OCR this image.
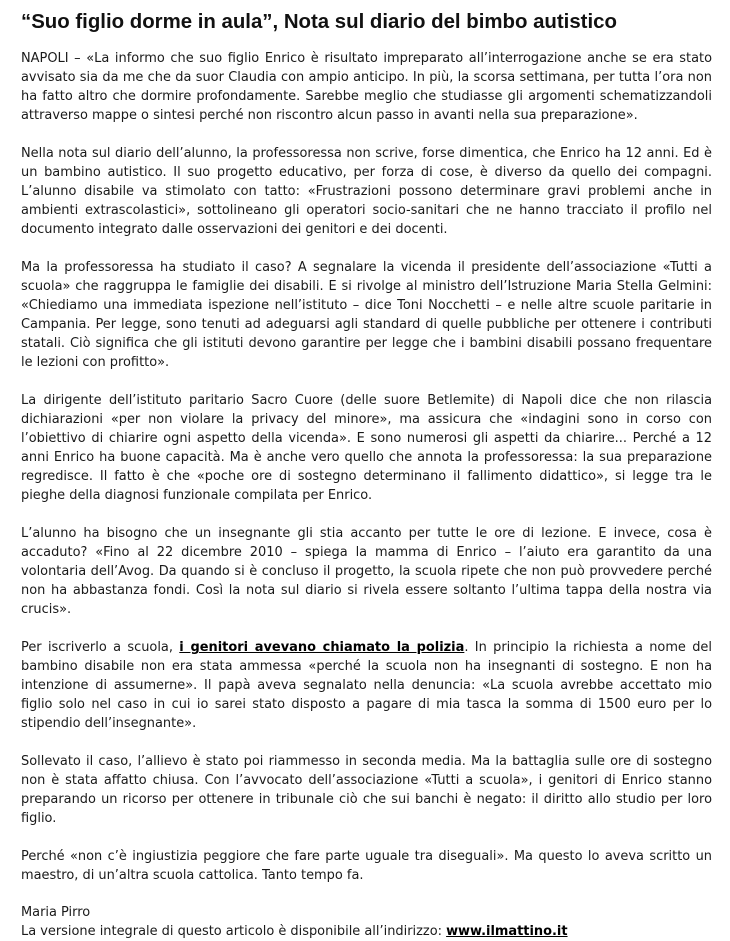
“Suo figlio dorme in aula”, Nota sul diario del bimbo autistico

NAPOLI – «La informo che suo figlio Enrico è risultato impreparato all’interrogazione anche se era stato avvisato sia da me che da suor Claudia con ampio anticipo. In più, la scorsa settimana, per tutta l’ora non ha fatto altro che dormire profondamente. Sarebbe meglio che studiasse gli argomenti schematizzandoli attraverso mappe o sintesi perché non riscontro alcun passo in avanti nella sua preparazione».

Nella nota sul diario dell’alunno, la professoressa non scrive, forse dimentica, che Enrico ha 12 anni. Ed è un bambino autistico. Il suo progetto educativo, per forza di cose, è diverso da quello dei compagni. L’alunno disabile va stimolato con tatto: «Frustrazioni possono determinare gravi problemi anche in ambienti extrascolastici», sottolineano gli operatori socio-sanitari che ne hanno tracciato il profilo nel documento integrato dalle osservazioni dei genitori e dei docenti.

Ma la professoressa ha studiato il caso? A segnalare la vicenda il presidente dell’associazione «Tutti a scuola» che raggruppa le famiglie dei disabili. E si rivolge al ministro dell’Istruzione Maria Stella Gelmini: «Chiediamo una immediata ispezione nell’istituto – dice Toni Nocchetti – e nelle altre scuole paritarie in Campania. Per legge, sono tenuti ad adeguarsi agli standard di quelle pubbliche per ottenere i contributi statali. Ciò significa che gli istituti devono garantire per legge che i bambini disabili possano frequentare le lezioni con profitto».

La dirigente dell’istituto paritario Sacro Cuore (delle suore Betlemite) di Napoli dice che non rilascia dichiarazioni «per non violare la privacy del minore», ma assicura che «indagini sono in corso con l’obiettivo di chiarire ogni aspetto della vicenda». E sono numerosi gli aspetti da chiarire... Perché a 12 anni Enrico ha buone capacità. Ma è anche vero quello che annota la professoressa: la sua preparazione regredisce. Il fatto è che «poche ore di sostegno determinano il fallimento didattico», si legge tra le pieghe della diagnosi funzionale compilata per Enrico.

L’alunno ha bisogno che un insegnante gli stia accanto per tutte le ore di lezione. E invece, cosa è accaduto? «Fino al 22 dicembre 2010 – spiega la mamma di Enrico – l’aiuto era garantito da una volontaria dell’Avog. Da quando si è concluso il progetto, la scuola ripete che non può provvedere perché non ha abbastanza fondi. Così la nota sul diario si rivela essere soltanto l’ultima tappa della nostra via crucis».

Per iscriverlo a scuola, i genitori avevano chiamato la polizia. In principio la richiesta a nome del bambino disabile non era stata ammessa «perché la scuola non ha insegnanti di sostegno. E non ha intenzione di assumerne». Il papà aveva segnalato nella denuncia: «La scuola avrebbe accettato mio figlio solo nel caso in cui io sarei stato disposto a pagare di mia tasca la somma di 1500 euro per lo stipendio dell’insegnante».

Sollevato il caso, l’allievo è stato poi riammesso in seconda media. Ma la battaglia sulle ore di sostegno non è stata affatto chiusa. Con l’avvocato dell’associazione «Tutti a scuola», i genitori di Enrico stanno preparando un ricorso per ottenere in tribunale ciò che sui banchi è negato: il diritto allo studio per loro figlio.

Perché «non c’è ingiustizia peggiore che fare parte uguale tra diseguali». Ma questo lo aveva scritto un maestro, di un’altra scuola cattolica. Tanto tempo fa.

Maria Pirro
La versione integrale di questo articolo è disponibile all’indirizzo: www.ilmattino.it
